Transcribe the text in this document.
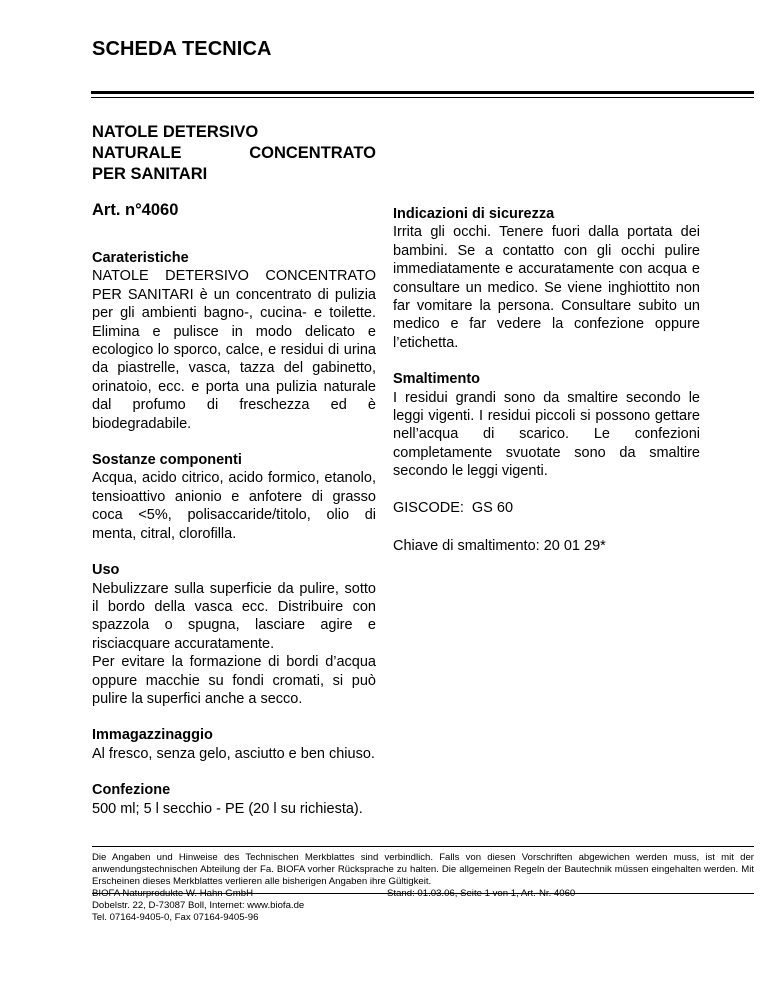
SCHEDA TECNICA
NATOLE DETERSIVO
NATURALE	CONCENTRATO
PER SANITARI
Art. n°4060
Carateristiche

NATOLE DETERSIVO CONCENTRATO PER SANITARI è un concentrato di pulizia per gli ambienti bagno-, cucina- e toilette. Elimina e pulisce in modo delicato e ecologico lo sporco, calce, e residui di urina da piastrelle, vasca, tazza del gabinetto, orinatoio, ecc. e porta una pulizia naturale dal profumo di freschezza ed è biodegradabile.

Sostanze componenti

Acqua, acido citrico, acido formico, etanolo, tensioattivo anionio e anfotere di grasso coca <5%, polisaccaride/titolo, olio di menta, citral, clorofilla.

Uso

Nebulizzare sulla superficie da pulire, sotto il bordo della vasca ecc. Distribuire con spazzola o spugna, lasciare agire e risciacquare accuratamente.

Per evitare la formazione di bordi d’acqua oppure macchie su fondi cromati, si può pulire la superfici anche a secco.

Immagazzinaggio

Al fresco, senza gelo, asciutto e ben chiuso.

Confezione

500 ml; 5 l secchio - PE (20 l su richiesta).

Indicazioni di sicurezza

Irrita gli occhi. Tenere fuori dalla portata dei bambini. Se a contatto con gli occhi pulire immediatamente e accuratamente con acqua e consultare un medico. Se viene inghiottito non far vomitare la persona. Consultare subito un medico e far vedere la confezione oppure l’etichetta.

Smaltimento

I residui grandi sono da smaltire secondo le leggi vigenti. I residui piccoli si possono gettare nell’acqua di scarico. Le confezioni completamente svuotate sono da smaltire secondo le leggi vigenti.

GISCODE: GS 60

Chiave di smaltimento: 20 01 29*

Die Angaben und Hinweise des Technischen Merkblattes sind verbindlich. Falls von diesen Vorschriften abgewichen werden muss, ist mit der anwendungstechnischen Abteilung der Fa. BIOFA vorher Rücksprache zu halten. Die allgemeinen Regeln der Bautechnik müssen eingehalten werden. Mit Erscheinen dieses Merkblattes verlieren alle bisherigen Angaben ihre Gültigkeit.
BIOFA Naturprodukte W. Hahn GmbH
Dobelstr. 22, D-73087 Boll, Internet: www.biofa.de
Tel. 07164-9405-0, Fax 07164-9405-96
Stand: 01.03.06, Seite 1 von 1, Art.-Nr. 4060
